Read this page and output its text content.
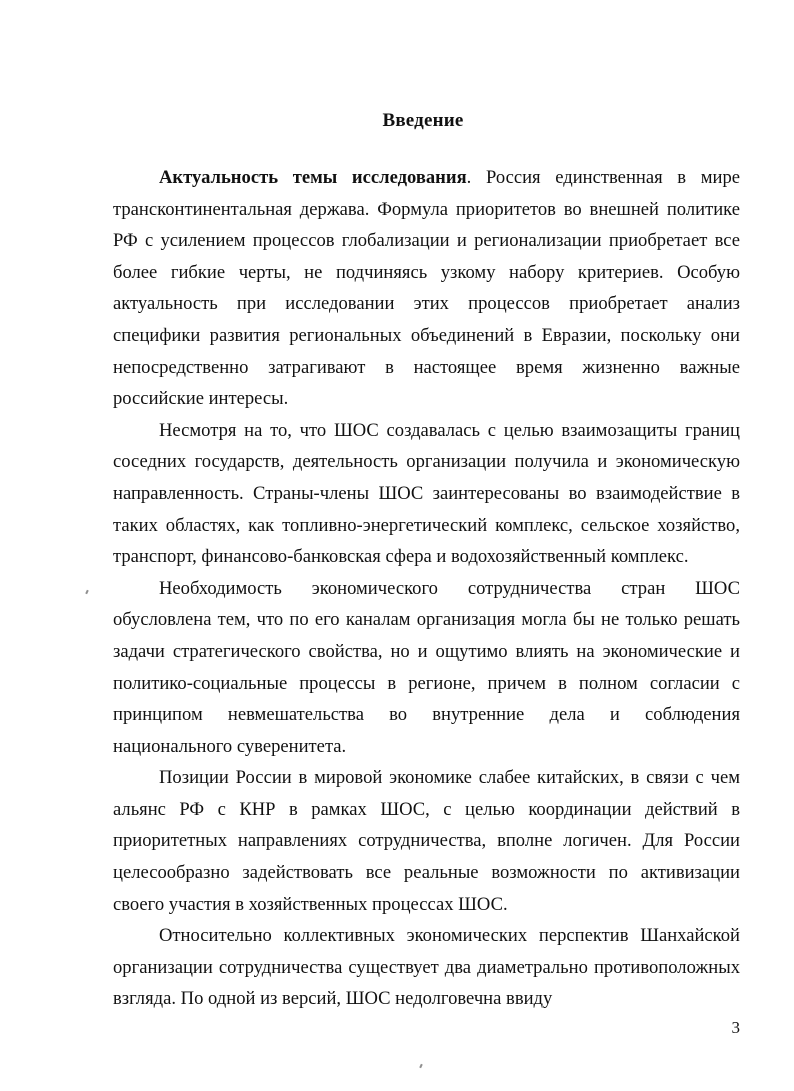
Введение

Актуальность темы исследования. Россия единственная в мире трансконтинентальная держава. Формула приоритетов во внешней политике РФ с усилением процессов глобализации и регионализации приобретает все более гибкие черты, не подчиняясь узкому набору критериев. Особую актуальность при исследовании этих процессов приобретает анализ специфики развития региональных объединений в Евразии, поскольку они непосредственно затрагивают в настоящее время жизненно важные российские интересы.

Несмотря на то, что ШОС создавалась с целью взаимозащиты границ соседних государств, деятельность организации получила и экономическую направленность. Страны-члены ШОС заинтересованы во взаимодействие в таких областях, как топливно-энергетический комплекс, сельское хозяйство, транспорт, финансово-банковская сфера и водохозяйственный комплекс.

Необходимость экономического сотрудничества стран ШОС обусловлена тем, что по его каналам организация могла бы не только решать задачи стратегического свойства, но и ощутимо влиять на экономические и политико-социальные процессы в регионе, причем в полном согласии с принципом невмешательства во внутренние дела и соблюдения национального суверенитета.

Позиции России в мировой экономике слабее китайских, в связи с чем альянс РФ с КНР в рамках ШОС, с целью координации действий в приоритетных направлениях сотрудничества, вполне логичен. Для России целесообразно задействовать все реальные возможности по активизации своего участия в хозяйственных процессах ШОС.

Относительно коллективных экономических перспектив Шанхайской организации сотрудничества существует два диаметрально противоположных взгляда. По одной из версий, ШОС недолговечна ввиду

3
